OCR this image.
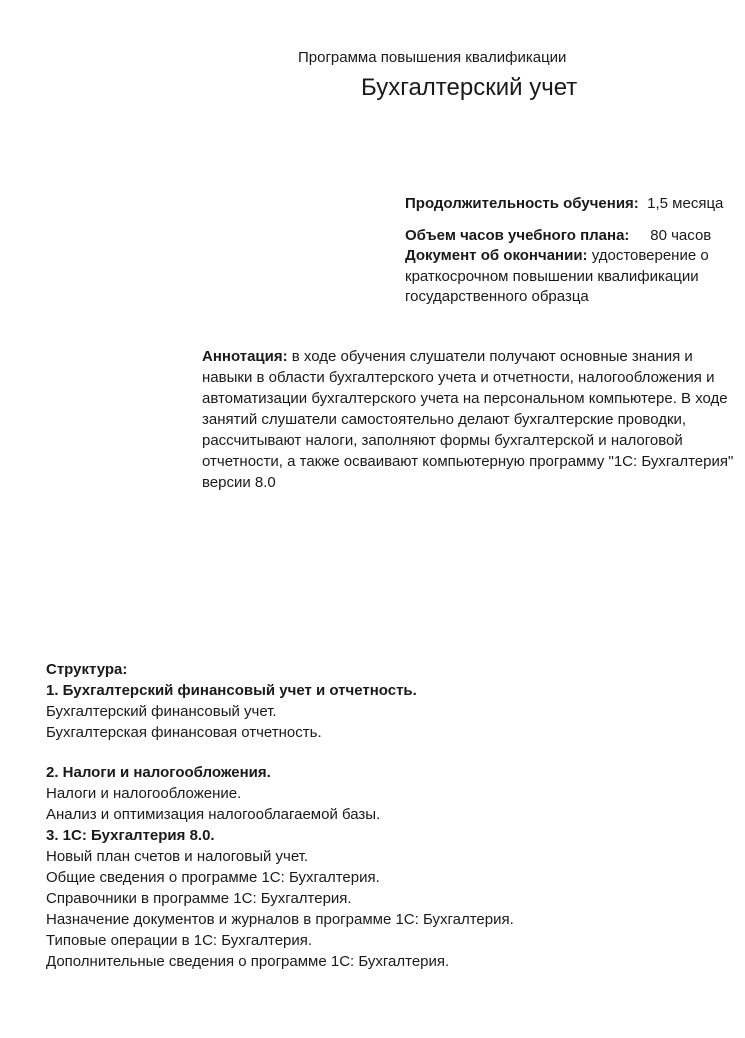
Программа повышения квалификации
Бухгалтерский учет
Продолжительность обучения: 1,5 месяца
Объем часов учебного плана: 80 часов
Документ об окончании: удостоверение о краткосрочном повышении квалификации государственного образца
Аннотация: в ходе обучения слушатели получают основные знания и навыки в области бухгалтерского учета и отчетности, налогообложения и автоматизации бухгалтерского учета на персональном компьютере. В ходе занятий слушатели самостоятельно делают бухгалтерские проводки, рассчитывают налоги, заполняют формы бухгалтерской и налоговой отчетности, а также осваивают компьютерную программу "1С: Бухгалтерия" версии 8.0
Структура:
1. Бухгалтерский финансовый учет и отчетность.
Бухгалтерский финансовый учет.
Бухгалтерская финансовая отчетность.
2. Налоги и налогообложения.
Налоги и налогообложение.
Анализ и оптимизация налогооблагаемой базы.
3. 1С: Бухгалтерия 8.0.
Новый план счетов и налоговый учет.
Общие сведения о программе 1С: Бухгалтерия.
Справочники в программе 1С: Бухгалтерия.
Назначение документов и журналов в программе 1С: Бухгалтерия.
Типовые операции в 1С: Бухгалтерия.
Дополнительные сведения о программе 1С: Бухгалтерия.
